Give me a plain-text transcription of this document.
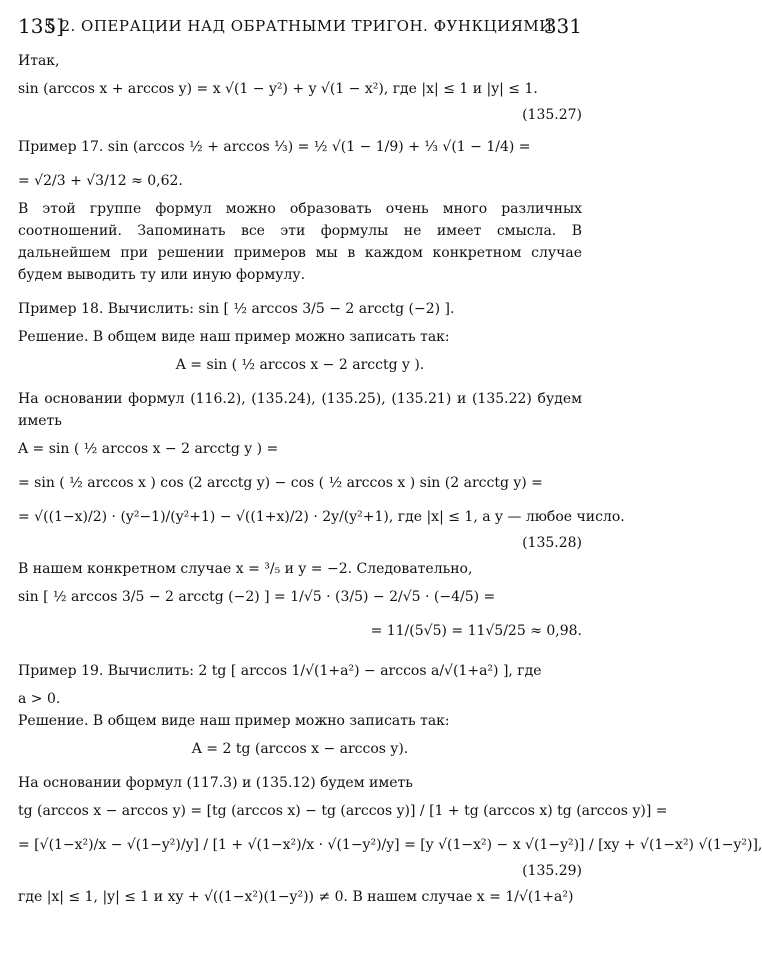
135]
§ 2. ОПЕРАЦИИ НАД ОБРАТНЫМИ ТРИГОН. ФУНКЦИЯМИ
331
Итак,
sin (arccos x + arccos y) = x √(1 − y²) + y √(1 − x²), где |x| ≤ 1 и |y| ≤ 1.
(135.27)
Пример 17. sin (arccos ½ + arccos ⅓) = ½ √(1 − 1/9) + ⅓ √(1 − 1/4) =
= √2/3 + √3/12 ≈ 0,62.
В этой группе формул можно образовать очень много различных соотношений. Запоминать все эти формулы не имеет смысла. В дальнейшем при решении примеров мы в каждом конкретном случае будем выводить ту или иную формулу.
Пример 18. Вычислить: sin [ ½ arccos 3/5 − 2 arcctg (−2) ].
Решение. В общем виде наш пример можно записать так:
A = sin ( ½ arccos x − 2 arcctg y ).
На основании формул (116.2), (135.24), (135.25), (135.21) и (135.22) будем иметь
A = sin ( ½ arccos x − 2 arcctg y ) =
= sin ( ½ arccos x ) cos (2 arcctg y) − cos ( ½ arccos x ) sin (2 arcctg y) =
= √((1−x)/2) · (y²−1)/(y²+1) − √((1+x)/2) · 2y/(y²+1), где |x| ≤ 1, а y — любое число.
(135.28)
В нашем конкретном случае x = ³/₅ и y = −2. Следовательно,
sin [ ½ arccos 3/5 − 2 arcctg (−2) ] = 1/√5 · (3/5) − 2/√5 · (−4/5) =
= 11/(5√5) = 11√5/25 ≈ 0,98.
Пример 19. Вычислить: 2 tg [ arccos 1/√(1+a²) − arccos a/√(1+a²) ], где
a > 0.
Решение. В общем виде наш пример можно записать так:
A = 2 tg (arccos x − arccos y).
На основании формул (117.3) и (135.12) будем иметь
tg (arccos x − arccos y) = [tg (arccos x) − tg (arccos y)] / [1 + tg (arccos x) tg (arccos y)] =
= [√(1−x²)/x − √(1−y²)/y] / [1 + √(1−x²)/x · √(1−y²)/y] = [y √(1−x²) − x √(1−y²)] / [xy + √(1−x²) √(1−y²)],
(135.29)
где |x| ≤ 1, |y| ≤ 1 и xy + √((1−x²)(1−y²)) ≠ 0. В нашем случае x = 1/√(1+a²)
